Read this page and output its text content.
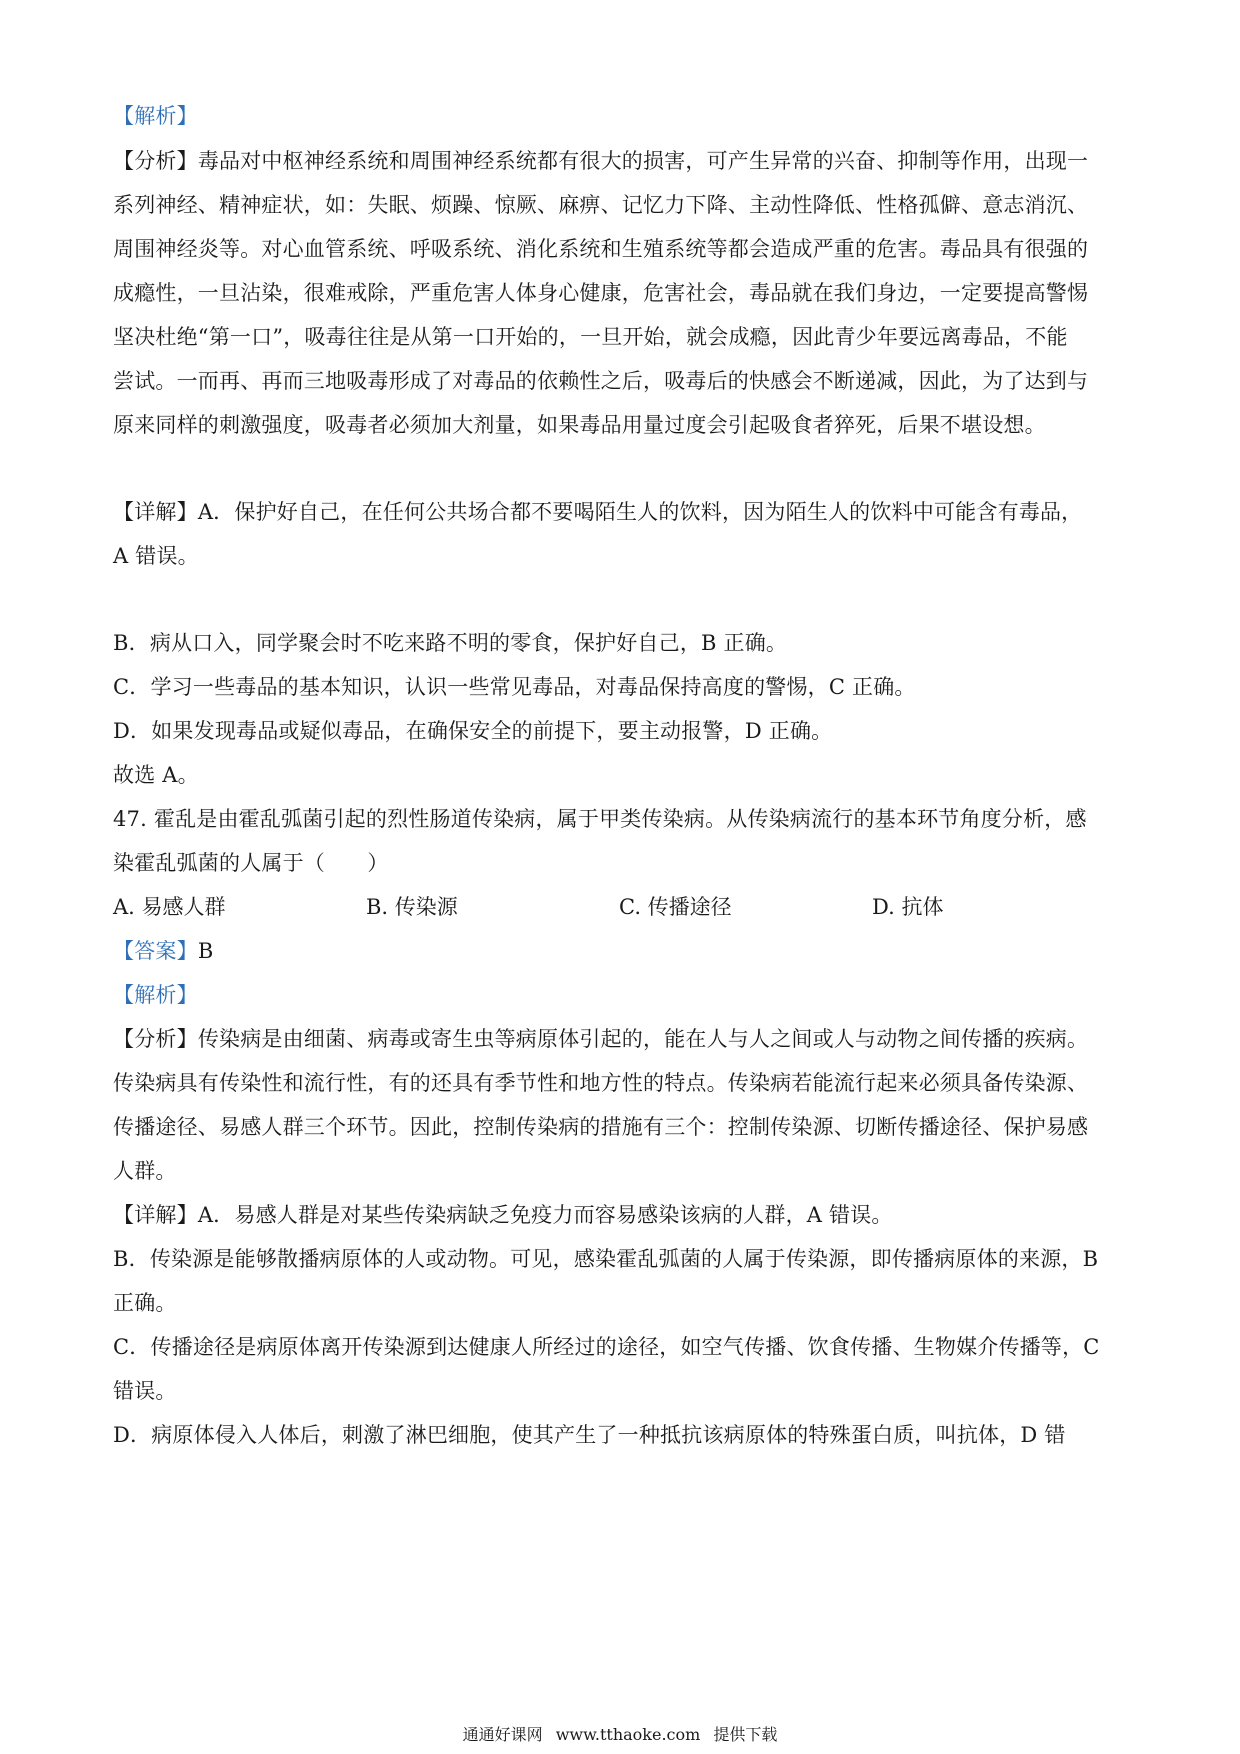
【解析】
【分析】毒品对中枢神经系统和周围神经系统都有很大的损害，可产生异常的兴奋、抑制等作用，出现一
系列神经、精神症状，如：失眠、烦躁、惊厥、麻痹、记忆力下降、主动性降低、性格孤僻、意志消沉、
周围神经炎等。对心血管系统、呼吸系统、消化系统和生殖系统等都会造成严重的危害。毒品具有很强的
成瘾性，一旦沾染，很难戒除，严重危害人体身心健康，危害社会，毒品就在我们身边，一定要提高警惕
坚决杜绝“第一口”，吸毒往往是从第一口开始的，一旦开始，就会成瘾，因此青少年要远离毒品，不能
尝试。一而再、再而三地吸毒形成了对毒品的依赖性之后，吸毒后的快感会不断递减，因此，为了达到与
原来同样的刺激强度，吸毒者必须加大剂量，如果毒品用量过度会引起吸食者猝死，后果不堪设想。
【详解】A．保护好自己，在任何公共场合都不要喝陌生人的饮料，因为陌生人的饮料中可能含有毒品，
A 错误。
B．病从口入，同学聚会时不吃来路不明的零食，保护好自己，B 正确。
C．学习一些毒品的基本知识，认识一些常见毒品，对毒品保持高度的警惕，C 正确。
D．如果发现毒品或疑似毒品，在确保安全的前提下，要主动报警，D 正确。
故选 A。
47. 霍乱是由霍乱弧菌引起的烈性肠道传染病，属于甲类传染病。从传染病流行的基本环节角度分析，感
染霍乱弧菌的人属于（　　）
A. 易感人群	B. 传染源	C. 传播途径	D. 抗体
【答案】B
【解析】
【分析】传染病是由细菌、病毒或寄生虫等病原体引起的，能在人与人之间或人与动物之间传播的疾病。
传染病具有传染性和流行性，有的还具有季节性和地方性的特点。传染病若能流行起来必须具备传染源、
传播途径、易感人群三个环节。因此，控制传染病的措施有三个：控制传染源、切断传播途径、保护易感
人群。
【详解】A．易感人群是对某些传染病缺乏免疫力而容易感染该病的人群，A 错误。
B．传染源是能够散播病原体的人或动物。可见，感染霍乱弧菌的人属于传染源，即传播病原体的来源，B
正确。
C．传播途径是病原体离开传染源到达健康人所经过的途径，如空气传播、饮食传播、生物媒介传播等，C
错误。
D．病原体侵入人体后，刺激了淋巴细胞，使其产生了一种抵抗该病原体的特殊蛋白质，叫抗体，D 错
通通好课网 www.tthaoke.com 提供下载
